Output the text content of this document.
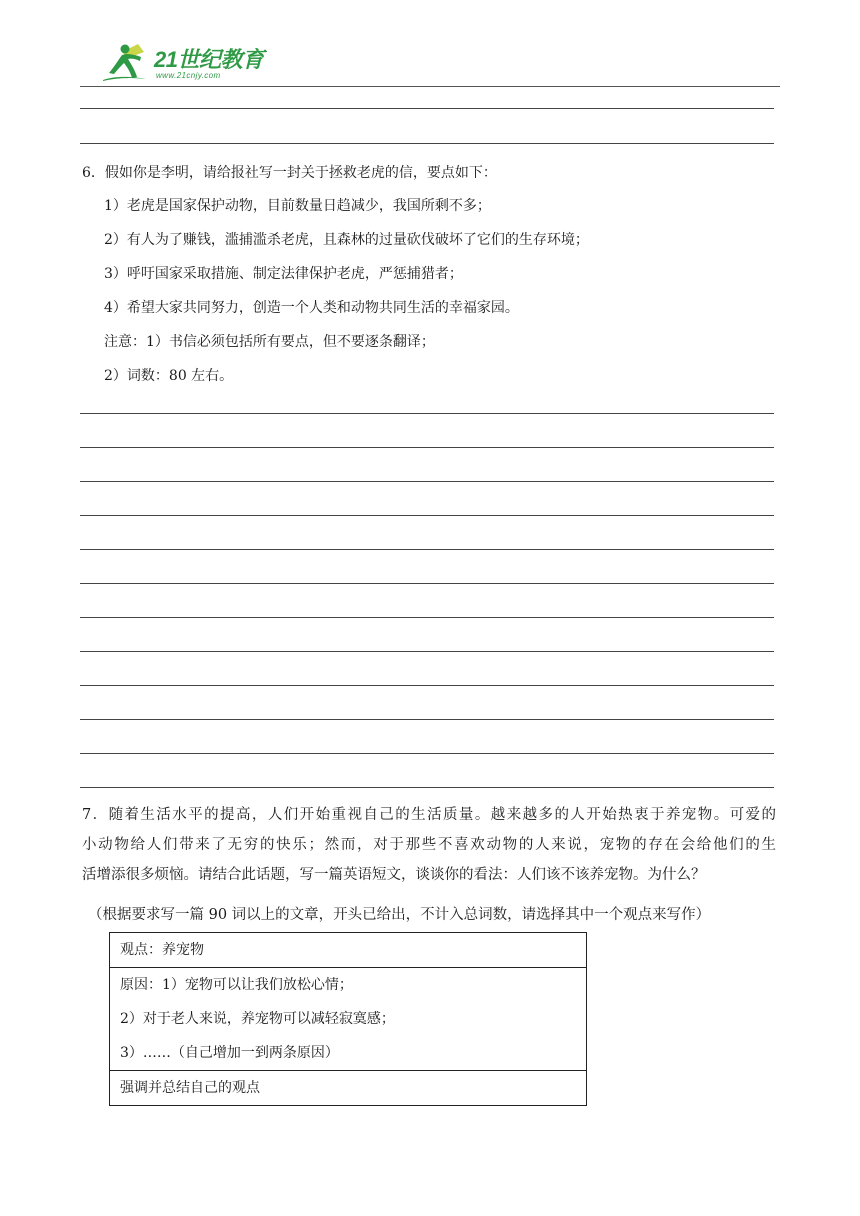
21世纪教育
www.21cnjy.com
6．假如你是李明，请给报社写一封关于拯救老虎的信，要点如下：
1）老虎是国家保护动物，目前数量日趋减少，我国所剩不多；
2）有人为了赚钱，滥捕滥杀老虎，且森林的过量砍伐破坏了它们的生存环境；
3）呼吁国家采取措施、制定法律保护老虎，严惩捕猎者；
4）希望大家共同努力，创造一个人类和动物共同生活的幸福家园。
注意：1）书信必须包括所有要点，但不要逐条翻译；
2）词数：80 左右。

7．随着生活水平的提高，人们开始重视自己的生活质量。越来越多的人开始热衷于养宠物。可爱的

小动物给人们带来了无穷的快乐；然而，对于那些不喜欢动物的人来说，宠物的存在会给他们的生

活增添很多烦恼。请结合此话题，写一篇英语短文，谈谈你的看法：人们该不该养宠物。为什么？

（根据要求写一篇 90 词以上的文章，开头已给出，不计入总词数，请选择其中一个观点来写作）
观点：养宠物

原因：1）宠物可以让我们放松心情；
2）对于老人来说，养宠物可以减轻寂寞感；
3）……（自己增加一到两条原因）

强调并总结自己的观点
